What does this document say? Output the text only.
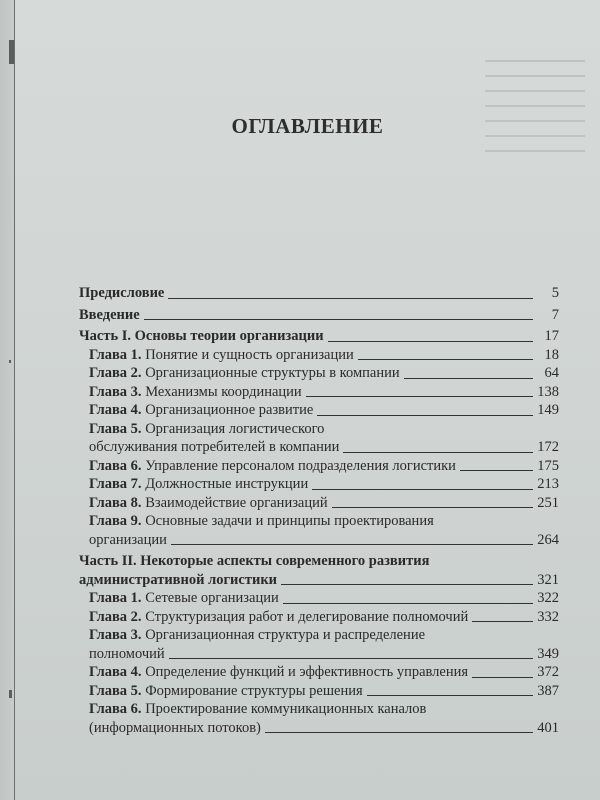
ОГЛАВЛЕНИЕ
Предисловие	5
Введение	7
Часть I. Основы теории организации	17
Глава 1. Понятие и сущность организации	18
Глава 2. Организационные структуры в компании	64
Глава 3. Механизмы координации	138
Глава 4. Организационное развитие	149
Глава 5. Организация логистического
обслуживания потребителей в компании	172
Глава 6. Управление персоналом подразделения логистики	175
Глава 7. Должностные инструкции	213
Глава 8. Взаимодействие организаций	251
Глава 9. Основные задачи и принципы проектирования
организации	264
Часть II. Некоторые аспекты современного развития
административной логистики	321
Глава 1. Сетевые организации	322
Глава 2. Структуризация работ и делегирование полномочий	332
Глава 3. Организационная структура и распределение
полномочий	349
Глава 4. Определение функций и эффективность управления	372
Глава 5. Формирование структуры решения	387
Глава 6. Проектирование коммуникационных каналов
(информационных потоков)	401
